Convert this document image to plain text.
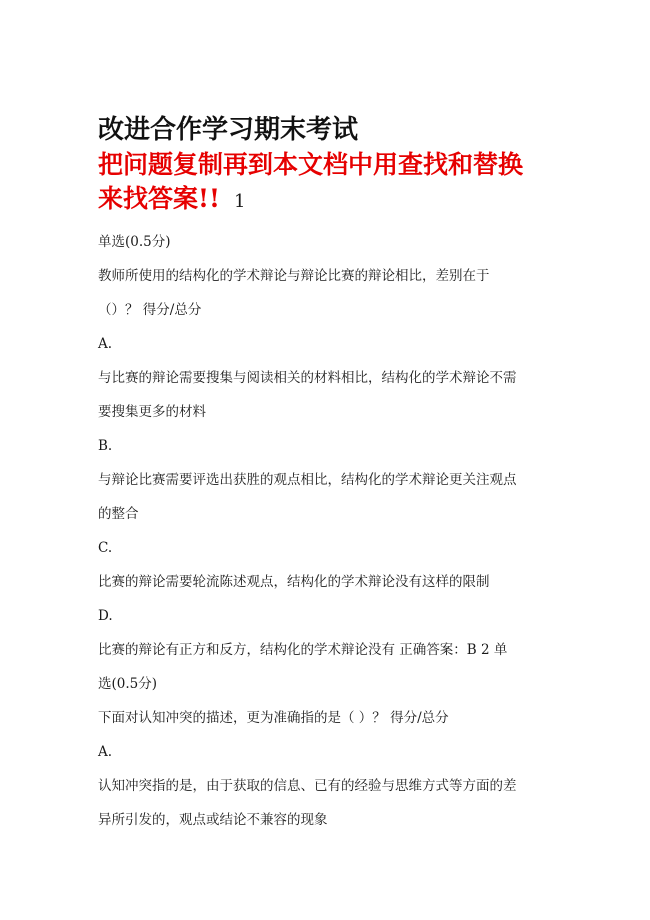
改进合作学习期末考试
把问题复制再到本文档中用查找和替换
来找答案!! 1
单选(0.5分)
教师所使用的结构化的学术辩论与辩论比赛的辩论相比，差别在于
（）？ 得分/总分
A.
与比赛的辩论需要搜集与阅读相关的材料相比，结构化的学术辩论不需
要搜集更多的材料
B.
与辩论比赛需要评选出获胜的观点相比，结构化的学术辩论更关注观点
的整合
C.
比赛的辩论需要轮流陈述观点，结构化的学术辩论没有这样的限制
D.
比赛的辩论有正方和反方，结构化的学术辩论没有 正确答案：B 2 单
选(0.5分)
下面对认知冲突的描述，更为准确指的是（ ）？ 得分/总分
A.
认知冲突指的是，由于获取的信息、已有的经验与思维方式等方面的差
异所引发的，观点或结论不兼容的现象
